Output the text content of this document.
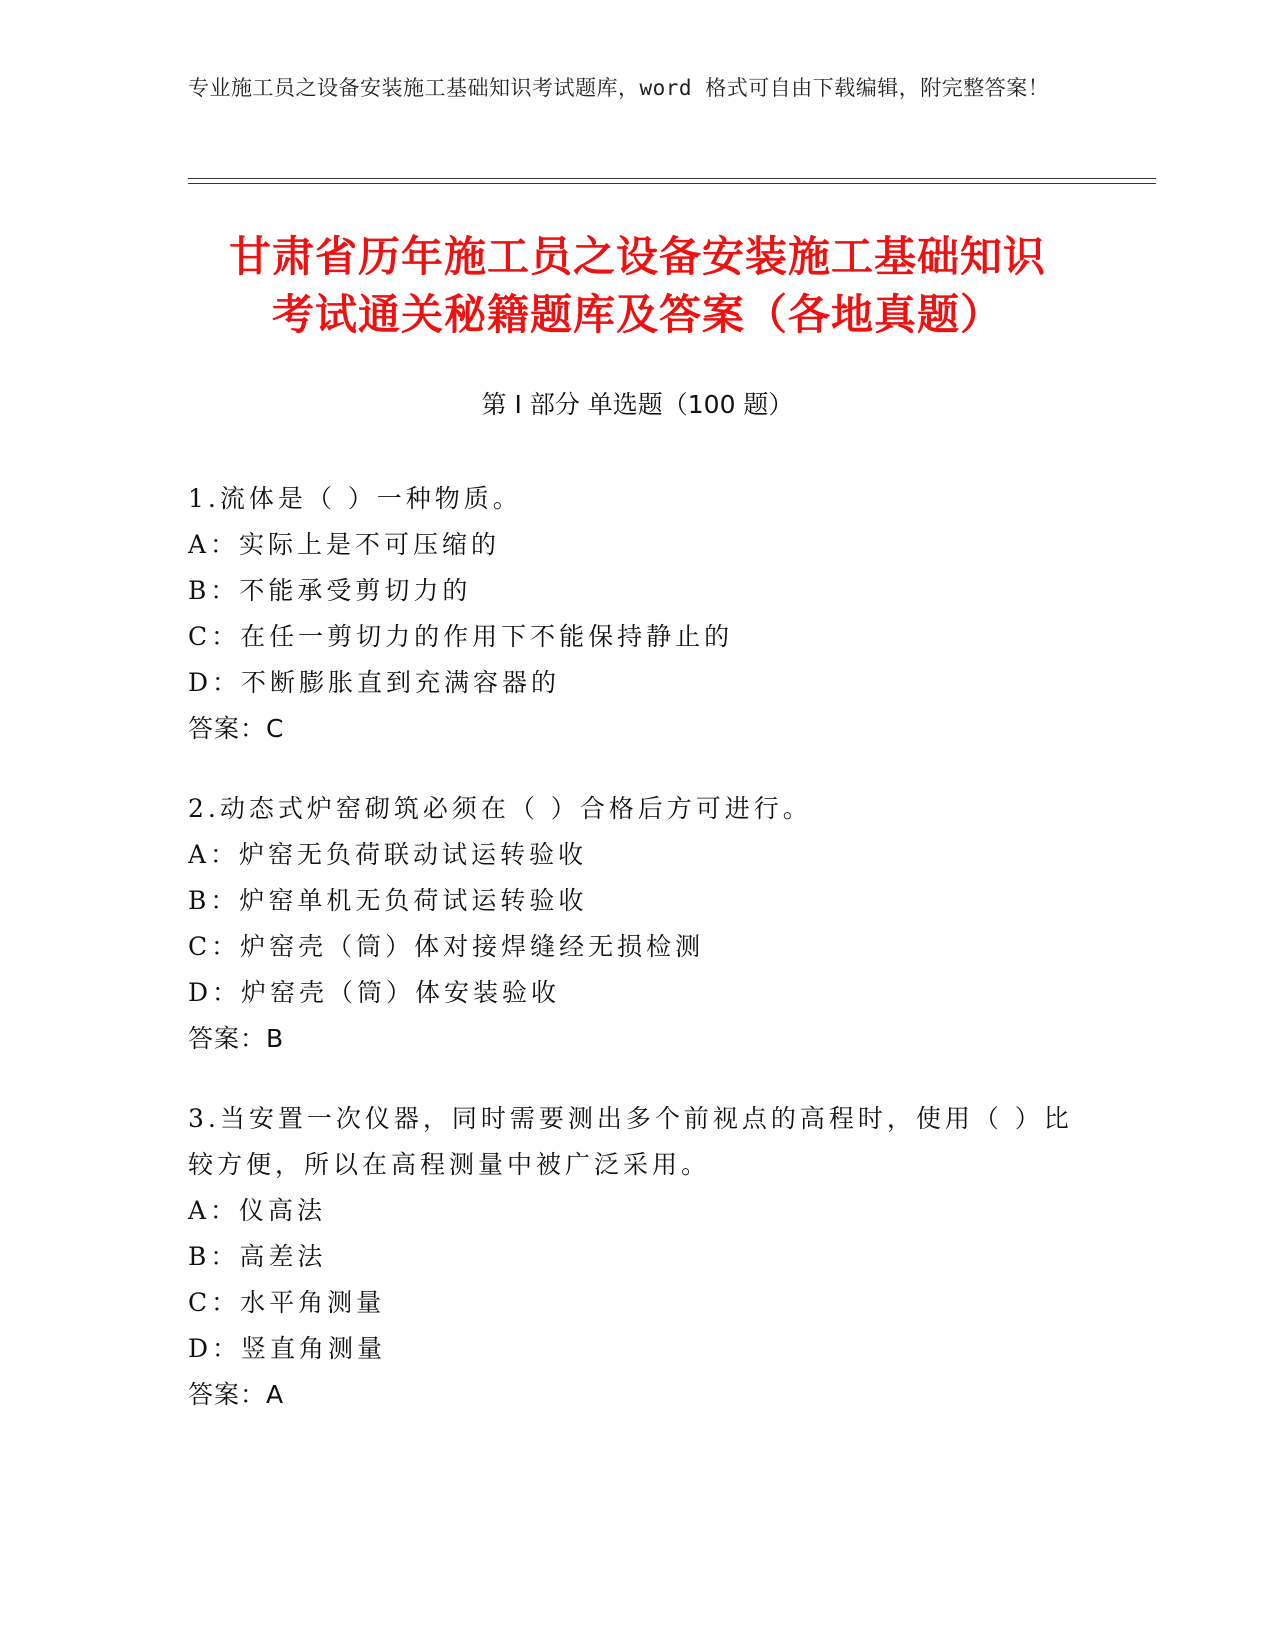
专业施工员之设备安装施工基础知识考试题库，word 格式可自由下载编辑，附完整答案！
甘肃省历年施工员之设备安装施工基础知识
考试通关秘籍题库及答案（各地真题）
第 I 部分 单选题（100 题）
1.流体是（ ）一种物质。
A：实际上是不可压缩的
B：不能承受剪切力的
C：在任一剪切力的作用下不能保持静止的
D：不断膨胀直到充满容器的
答案：C
2.动态式炉窑砌筑必须在（ ）合格后方可进行。
A：炉窑无负荷联动试运转验收
B：炉窑单机无负荷试运转验收
C：炉窑壳（筒）体对接焊缝经无损检测
D：炉窑壳（筒）体安装验收
答案：B
3.当安置一次仪器，同时需要测出多个前视点的高程时，使用（ ）比较方便，所以在高程测量中被广泛采用。
A：仪高法
B：高差法
C：水平角测量
D：竖直角测量
答案：A
